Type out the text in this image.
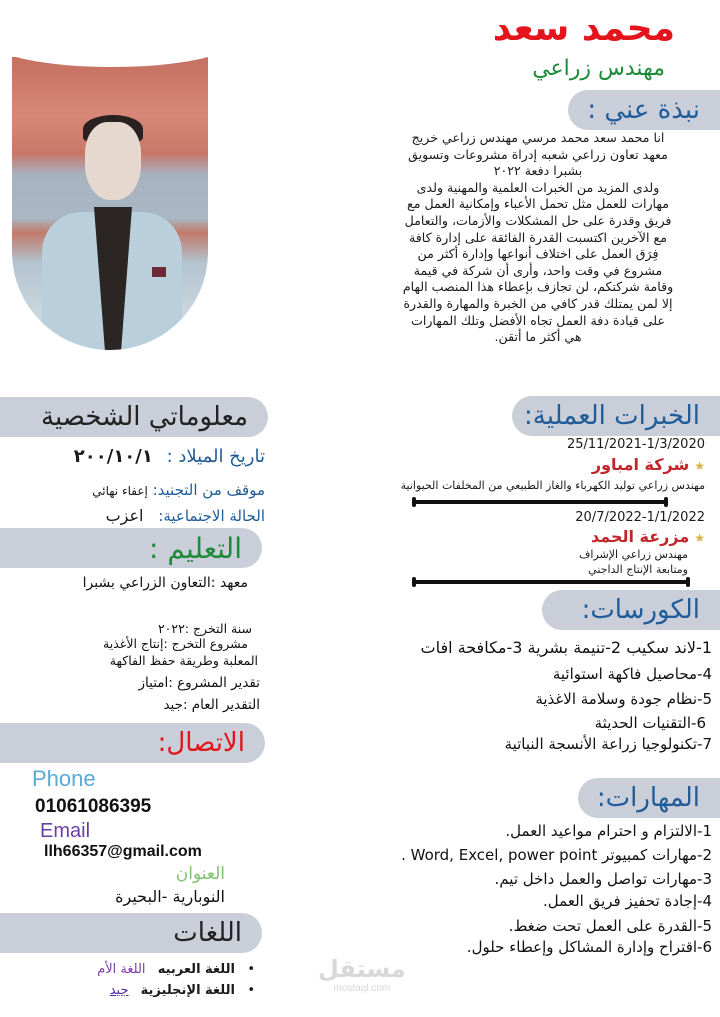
محمد سعد
مهندس زراعي
نبذة عني :
انا محمد سعد محمد مرسي مهندس زراعي خريج
معهد تعاون زراعي شعبه إدراة مشروعات وتسويق
بشبرا دفعة ٢٠٢٢
ولدى المزيد من الخبرات العلمية والمهنية ولدى
مهارات للعمل مثل تحمل الأعباء وإمكانية العمل مع
فريق وقدرة على حل المشكلات والأزمات، والتعامل
مع الآخرين اكتسبت القدرة الفائقة على إدارة كافة
فِرَق العمل على اختلاف أنواعها وإدارة أكثر من
مشروع في وقت واحد، وأرى أن شركة في قيمة
وقامة شركتكم، لن تجازف بإعطاء هذا المنصب الهام
إلا لمن يمتلك قدر كافي من الخبرة والمهارة والقدرة
على قيادة دفة العمل تجاه الأفضل وتلك المهارات
هي أكثر ما أتقن.
الخبرات العملية:
25/11/2021-1/3/2020
★شركة امباور
مهندس زراعي توليد الكهرباء والغاز الطبيعي من المخلفات الحيوانية
20/7/2022-1/1/2022
★مزرعة الحمد
مهندس زراعي الإشراف
ومتابعة الإنتاج الداجني
الكورسات:
1-لاند سكيب 2-تنيمة بشرية 3-مكافحة افات
4-محاصيل فاكهة استوائية
5-نظام جودة وسلامة الاغذية
6-التقنيات الحديثة
7-تكنولوجيا زراعة الأنسجة النباتية
المهارات:
1-الالتزام و احترام مواعيد العمل.
2-مهارات كمبيوتر Word, Excel, power point .
3-مهارات تواصل والعمل داخل تيم.
4-إجادة تحفيز فريق العمل.
5-القدرة على العمل تحت ضغط.
6-اقتراح وإدارة المشاكل وإعطاء حلول.
معلوماتي الشخصية
تاريخ الميلاد : ٢٠٠/١٠/١
موقف من التجنيد: إعفاء نهائي
الحالة الاجتماعية: اعزب
التعليم :
معهد :التعاون الزراعي بشبرا
سنة التخرج :٢٠٢٢
مشروع التخرج :إنتاج الأغذية
المعلبة وطريقة حفظ الفاكهة
تقدير المشروع :امتياز
التقدير العام :جيد
الاتصال:
Phone
01061086395
Email
llh66357@gmail.com
العنوان
النوبارية -البحيرة
اللغات
•   اللغة العربيه اللغة الأم
•   اللغة الإنجليزية جيد
مستقل
mostaql.com
